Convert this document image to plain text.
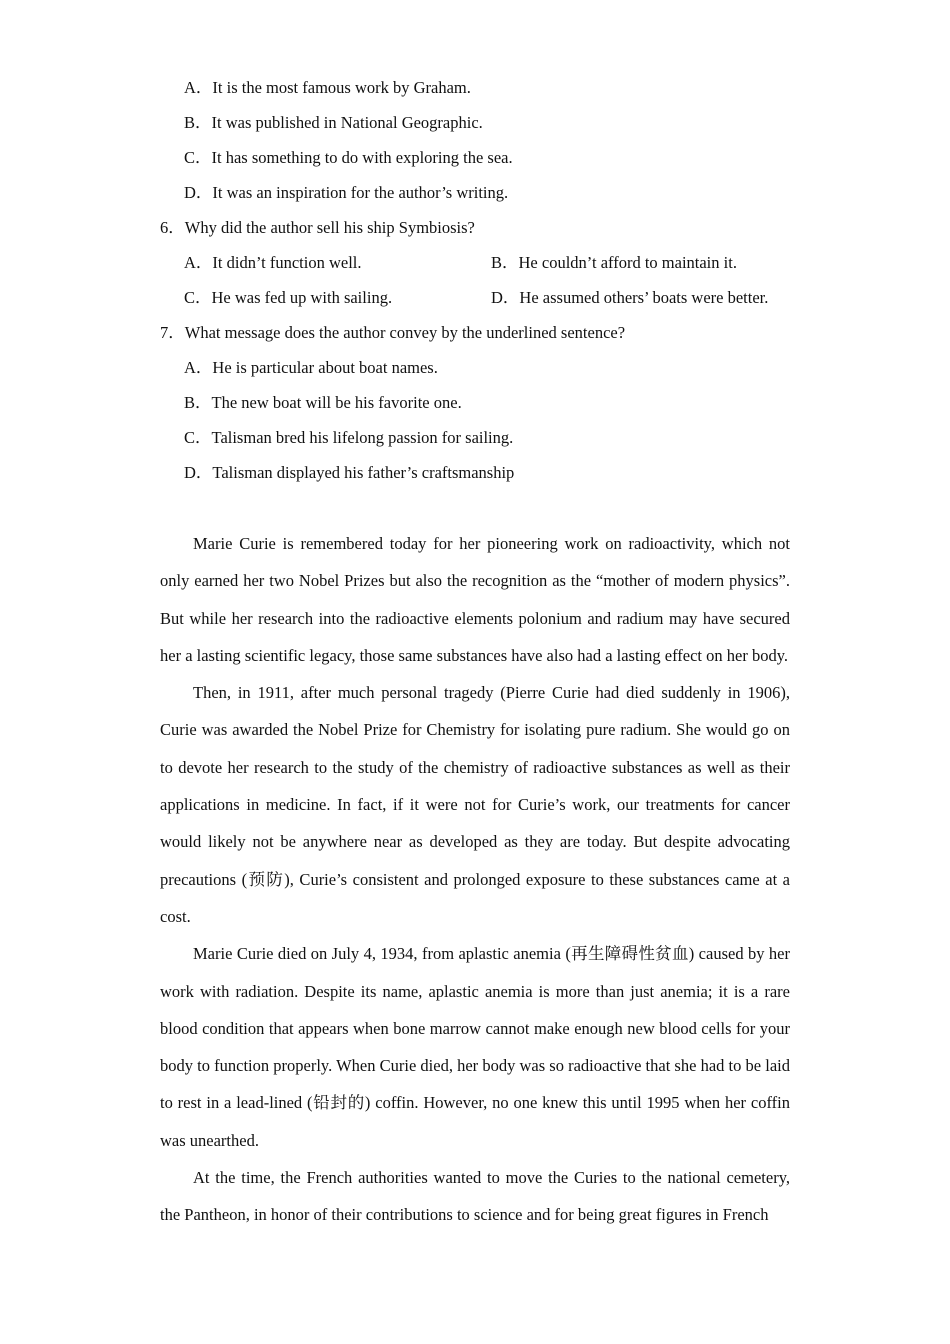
A．It is the most famous work by Graham.
B．It was published in National Geographic.
C．It has something to do with exploring the sea.
D．It was an inspiration for the author’s writing.
6．Why did the author sell his ship Symbiosis?
A．It didn’t function well.	B．He couldn’t afford to maintain it.
C．He was fed up with sailing.	D．He assumed others’ boats were better.
7．What message does the author convey by the underlined sentence?
A．He is particular about boat names.
B．The new boat will be his favorite one.
C．Talisman bred his lifelong passion for sailing.
D．Talisman displayed his father’s craftsmanship

Marie Curie is remembered today for her pioneering work on radioactivity, which not only earned her two Nobel Prizes but also the recognition as the “mother of modern physics”. But while her research into the radioactive elements polonium and radium may have secured her a lasting scientific legacy, those same substances have also had a lasting effect on her body.

Then, in 1911, after much personal tragedy (Pierre Curie had died suddenly in 1906), Curie was awarded the Nobel Prize for Chemistry for isolating pure radium. She would go on to devote her research to the study of the chemistry of radioactive substances as well as their applications in medicine. In fact, if it were not for Curie’s work, our treatments for cancer would likely not be anywhere near as developed as they are today. But despite advocating precautions (预防), Curie’s consistent and prolonged exposure to these substances came at a cost.

Marie Curie died on July 4, 1934, from aplastic anemia (再生障碍性贫血) caused by her work with radiation. Despite its name, aplastic anemia is more than just anemia; it is a rare blood condition that appears when bone marrow cannot make enough new blood cells for your body to function properly. When Curie died, her body was so radioactive that she had to be laid to rest in a lead-lined (铅封的) coffin. However, no one knew this until 1995 when her coffin was unearthed.

At the time, the French authorities wanted to move the Curies to the national cemetery, the Pantheon, in honor of their contributions to science and for being great figures in French
